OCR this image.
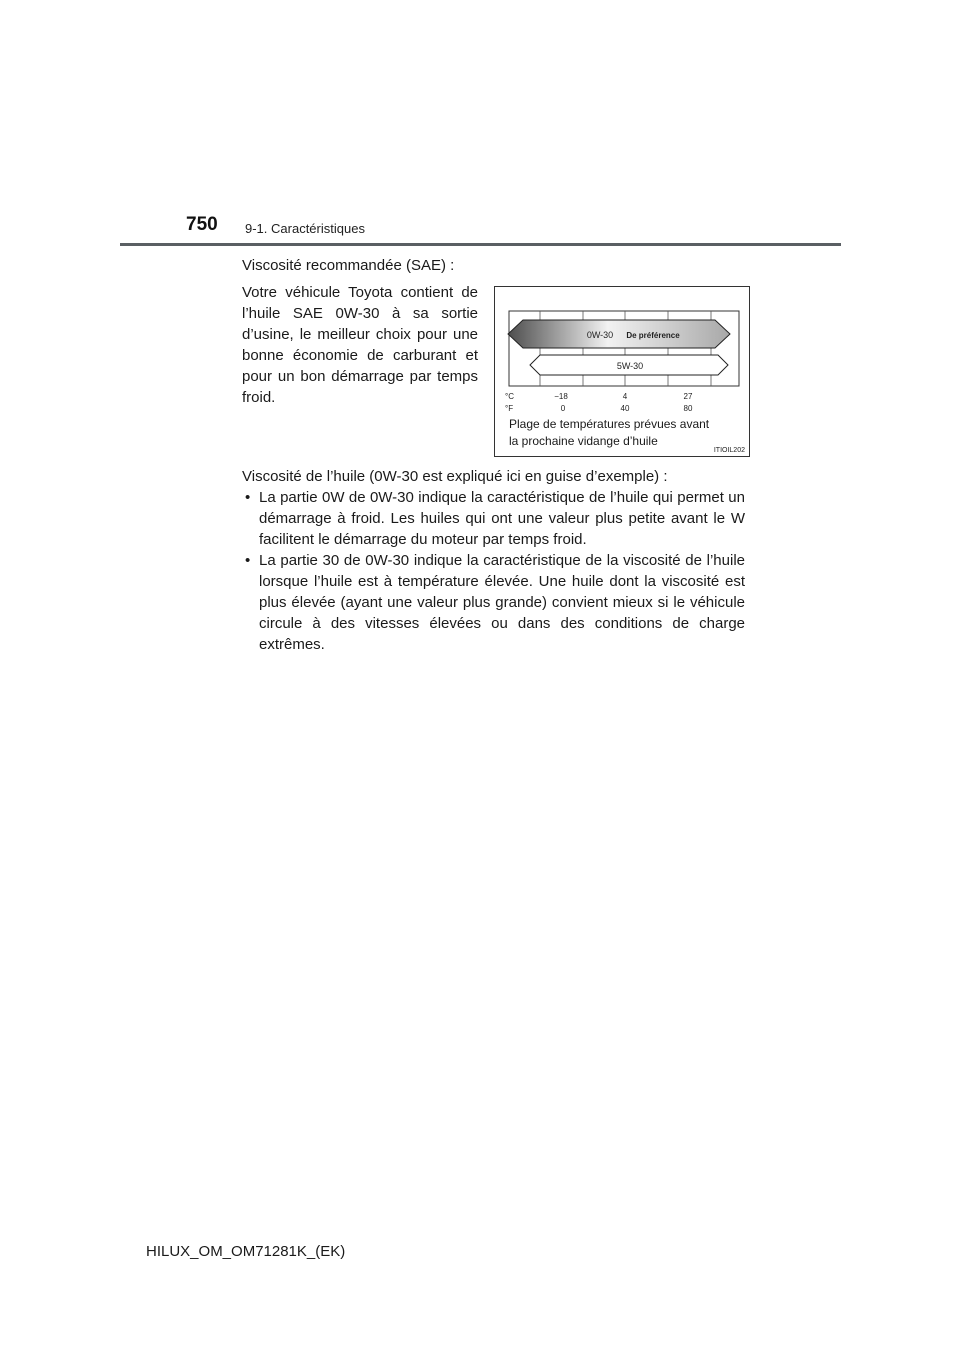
750 9-1. Caractéristiques
Viscosité recommandée (SAE) :
Votre véhicule Toyota contient de
l’huile SAE 0W-30 à sa sortie
d’usine, le meilleur choix pour une
bonne économie de carburant et
pour un bon démarrage par temps
froid.
0W-30 De préférence
5W-30
°C
°F
−18	4	27
0	40	80
Plage de températures prévues avant
la prochaine vidange d’huile
ITIOIL202
Viscosité de l’huile (0W-30 est expliqué ici en guise d’exemple) :
• La partie 0W de 0W-30 indique la caractéristique de l’huile qui permet un démarrage à froid. Les huiles qui ont une valeur plus petite avant le W facilitent le démarrage du moteur par temps froid.
• La partie 30 de 0W-30 indique la caractéristique de la viscosité de l’huile lorsque l’huile est à température élevée. Une huile dont la viscosité est plus élevée (ayant une valeur plus grande) convient mieux si le véhicule circule à des vitesses élevées ou dans des conditions de charge extrêmes.
HILUX_OM_OM71281K_(EK)
